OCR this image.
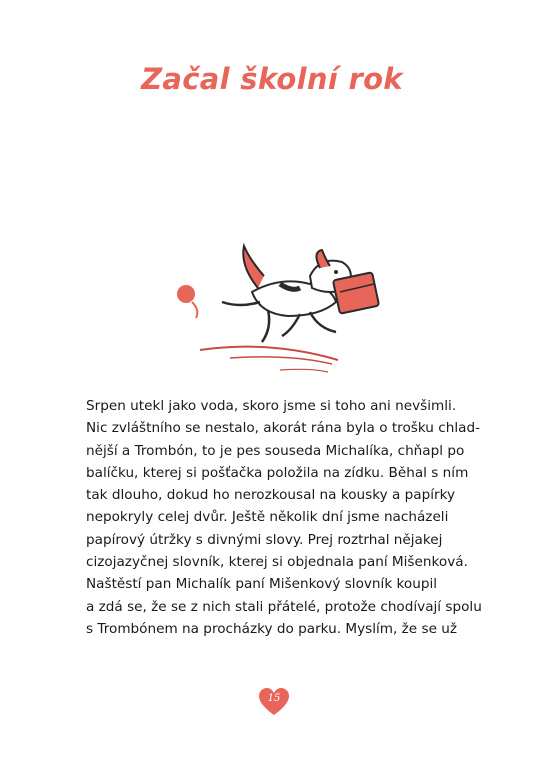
Začal školní rok
Srpen utekl jako voda, skoro jsme si toho ani nevšimli.
Nic zvláštního se nestalo, akorát rána byla o trošku chlad-
nější a Trombón, to je pes souseda Michalíka, chňapl po
balíčku, kterej si pošťačka položila na zídku. Běhal s ním
tak dlouho, dokud ho nerozkousal na kousky a papírky
nepokryly celej dvůr. Ještě několik dní jsme nacházeli
papírový útržky s divnými slovy. Prej roztrhal nějakej
cizojazyčnej slovník, kterej si objednala paní Mišenková.
Naštěstí pan Michalík paní Mišenkový slovník koupil
a zdá se, že se z nich stali přátelé, protože chodívají spolu
s Trombónem na procházky do parku. Myslím, že se už
15
